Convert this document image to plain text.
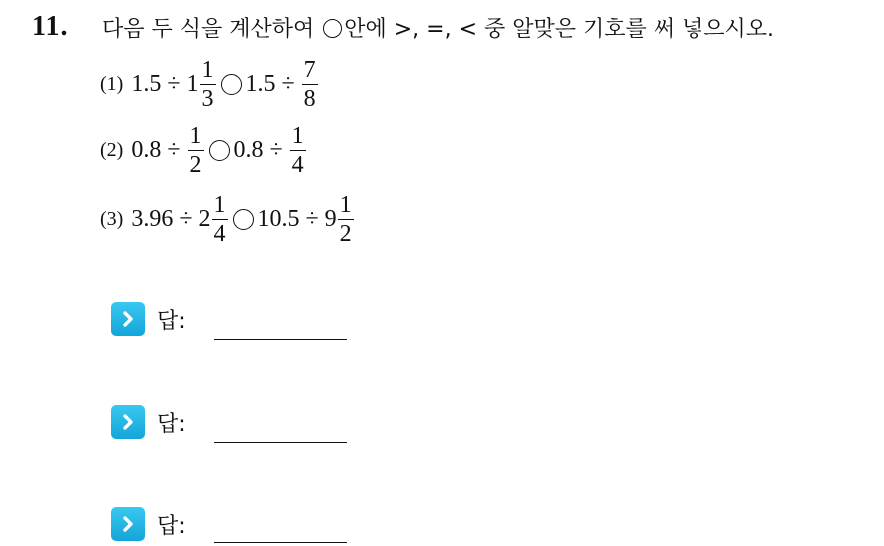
11. 다음 두 식을 계산하여 안에 >, =, < 중 알맞은 기호를 써 넣으시오.
(1) $1.5 \div 1 \frac{1}{3} 1.5 \div \frac{7}{8}$
(2) $0.8 \div \frac{1}{2} 0.8 \div \frac{1}{4}$
(3) $3.96 \div 2 \frac{1}{4} 10.5 \div 9 \frac{1}{2}$
답:
답:
답:
